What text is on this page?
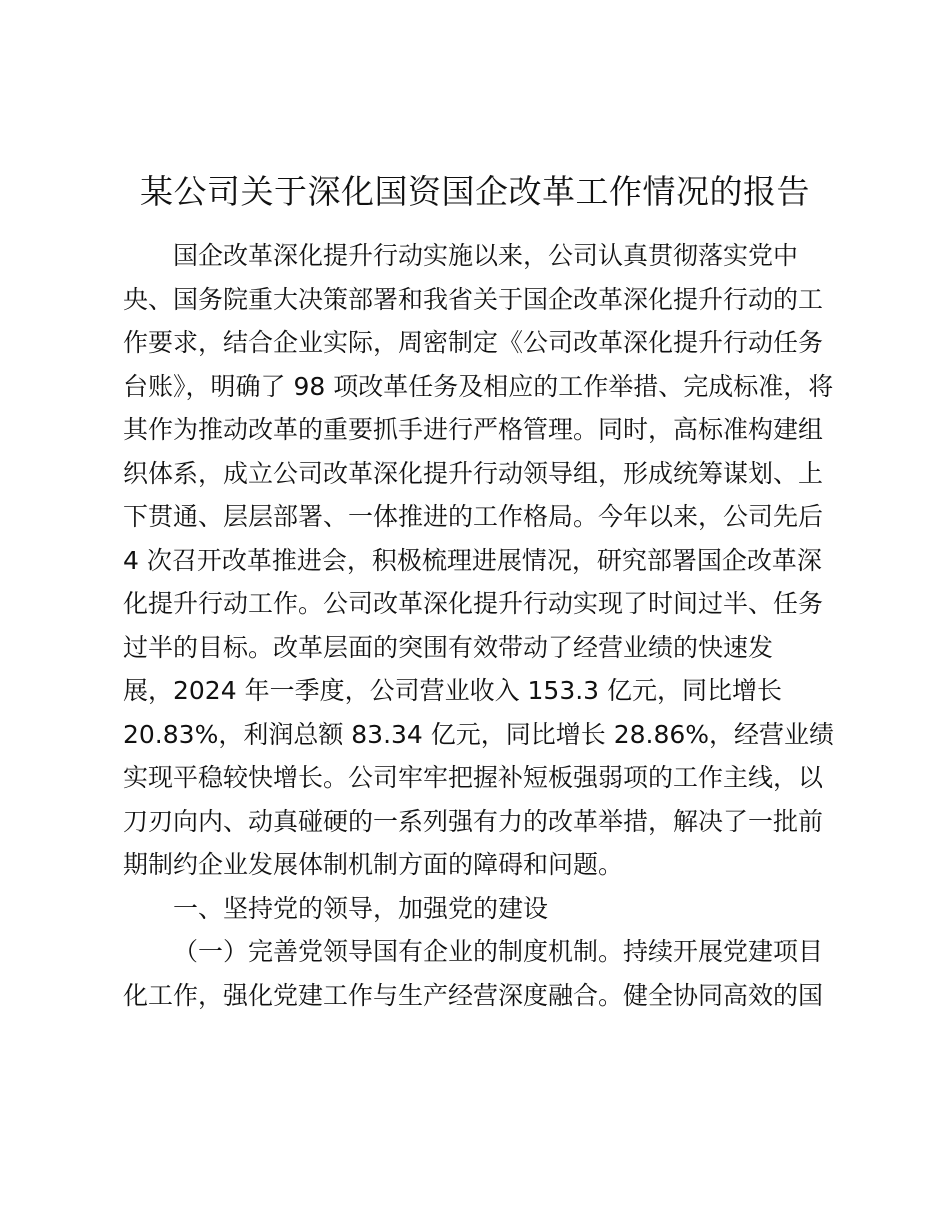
某公司关于深化国资国企改革工作情况的报告
国企改革深化提升行动实施以来，公司认真贯彻落实党中
央、国务院重大决策部署和我省关于国企改革深化提升行动的工
作要求，结合企业实际，周密制定《公司改革深化提升行动任务
台账》，明确了 98 项改革任务及相应的工作举措、完成标准，将
其作为推动改革的重要抓手进行严格管理。同时，高标准构建组
织体系，成立公司改革深化提升行动领导组，形成统筹谋划、上
下贯通、层层部署、一体推进的工作格局。今年以来，公司先后
4 次召开改革推进会，积极梳理进展情况，研究部署国企改革深
化提升行动工作。公司改革深化提升行动实现了时间过半、任务
过半的目标。改革层面的突围有效带动了经营业绩的快速发
展，2024 年一季度，公司营业收入 153.3 亿元，同比增长
20.83%，利润总额 83.34 亿元，同比增长 28.86%，经营业绩
实现平稳较快增长。公司牢牢把握补短板强弱项的工作主线，以
刀刃向内、动真碰硬的一系列强有力的改革举措，解决了一批前
期制约企业发展体制机制方面的障碍和问题。
一、坚持党的领导，加强党的建设
（一）完善党领导国有企业的制度机制。持续开展党建项目
化工作，强化党建工作与生产经营深度融合。健全协同高效的国
